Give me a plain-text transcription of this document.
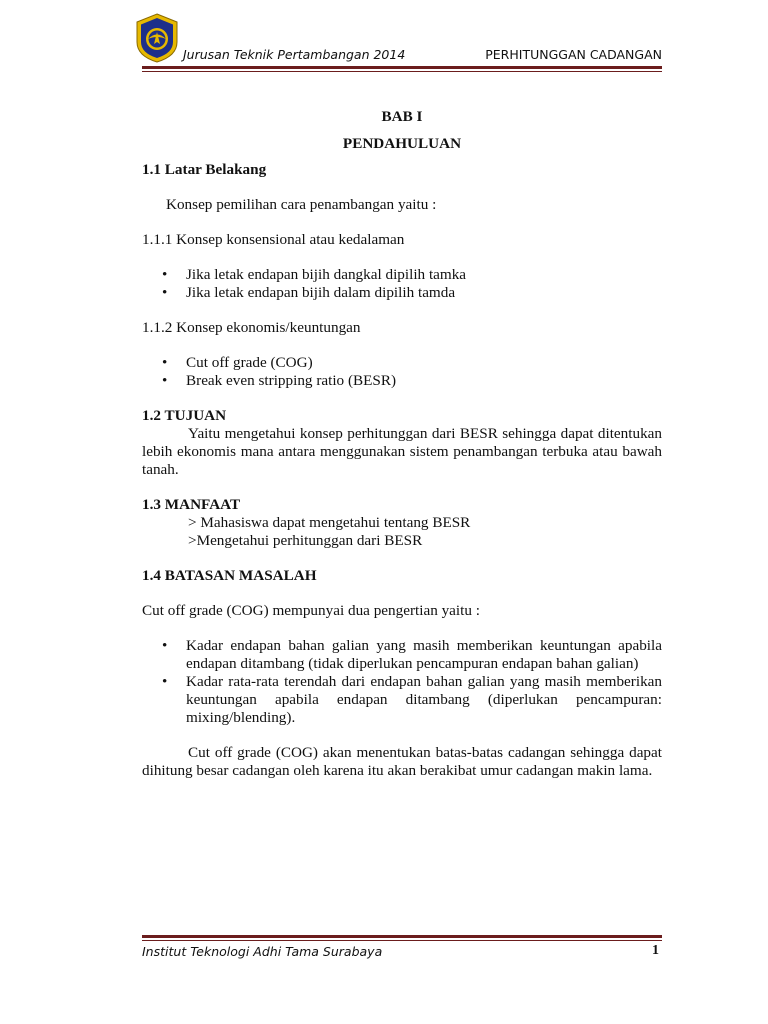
Jurusan Teknik Pertambangan 2014	PERHITUNGGAN CADANGAN

BAB I

PENDAHULUAN

1.1 Latar Belakang

Konsep pemilihan cara penambangan yaitu :

1.1.1 Konsep konsensional atau kedalaman

• Jika letak endapan bijih dangkal dipilih tamka
• Jika letak endapan bijih dalam dipilih tamda

1.1.2 Konsep ekonomis/keuntungan

• Cut off grade (COG)
• Break even stripping ratio (BESR)

1.2 TUJUAN

Yaitu mengetahui konsep perhitunggan dari BESR sehingga dapat ditentukan lebih ekonomis mana antara menggunakan sistem penambangan terbuka atau bawah tanah.

1.3 MANFAAT

> Mahasiswa dapat mengetahui tentang BESR

>Mengetahui perhitunggan dari BESR

1.4 BATASAN MASALAH

Cut off grade (COG) mempunyai dua pengertian yaitu :

• Kadar endapan bahan galian yang masih memberikan keuntungan apabila endapan ditambang (tidak diperlukan pencampuran endapan bahan galian)
• Kadar rata-rata terendah dari endapan bahan galian yang masih memberikan keuntungan apabila endapan ditambang (diperlukan pencampuran: mixing/blending).

Cut off grade (COG) akan menentukan batas-batas cadangan sehingga dapat dihitung besar cadangan oleh karena itu akan berakibat umur cadangan makin lama.

Institut Teknologi Adhi Tama Surabaya	1
